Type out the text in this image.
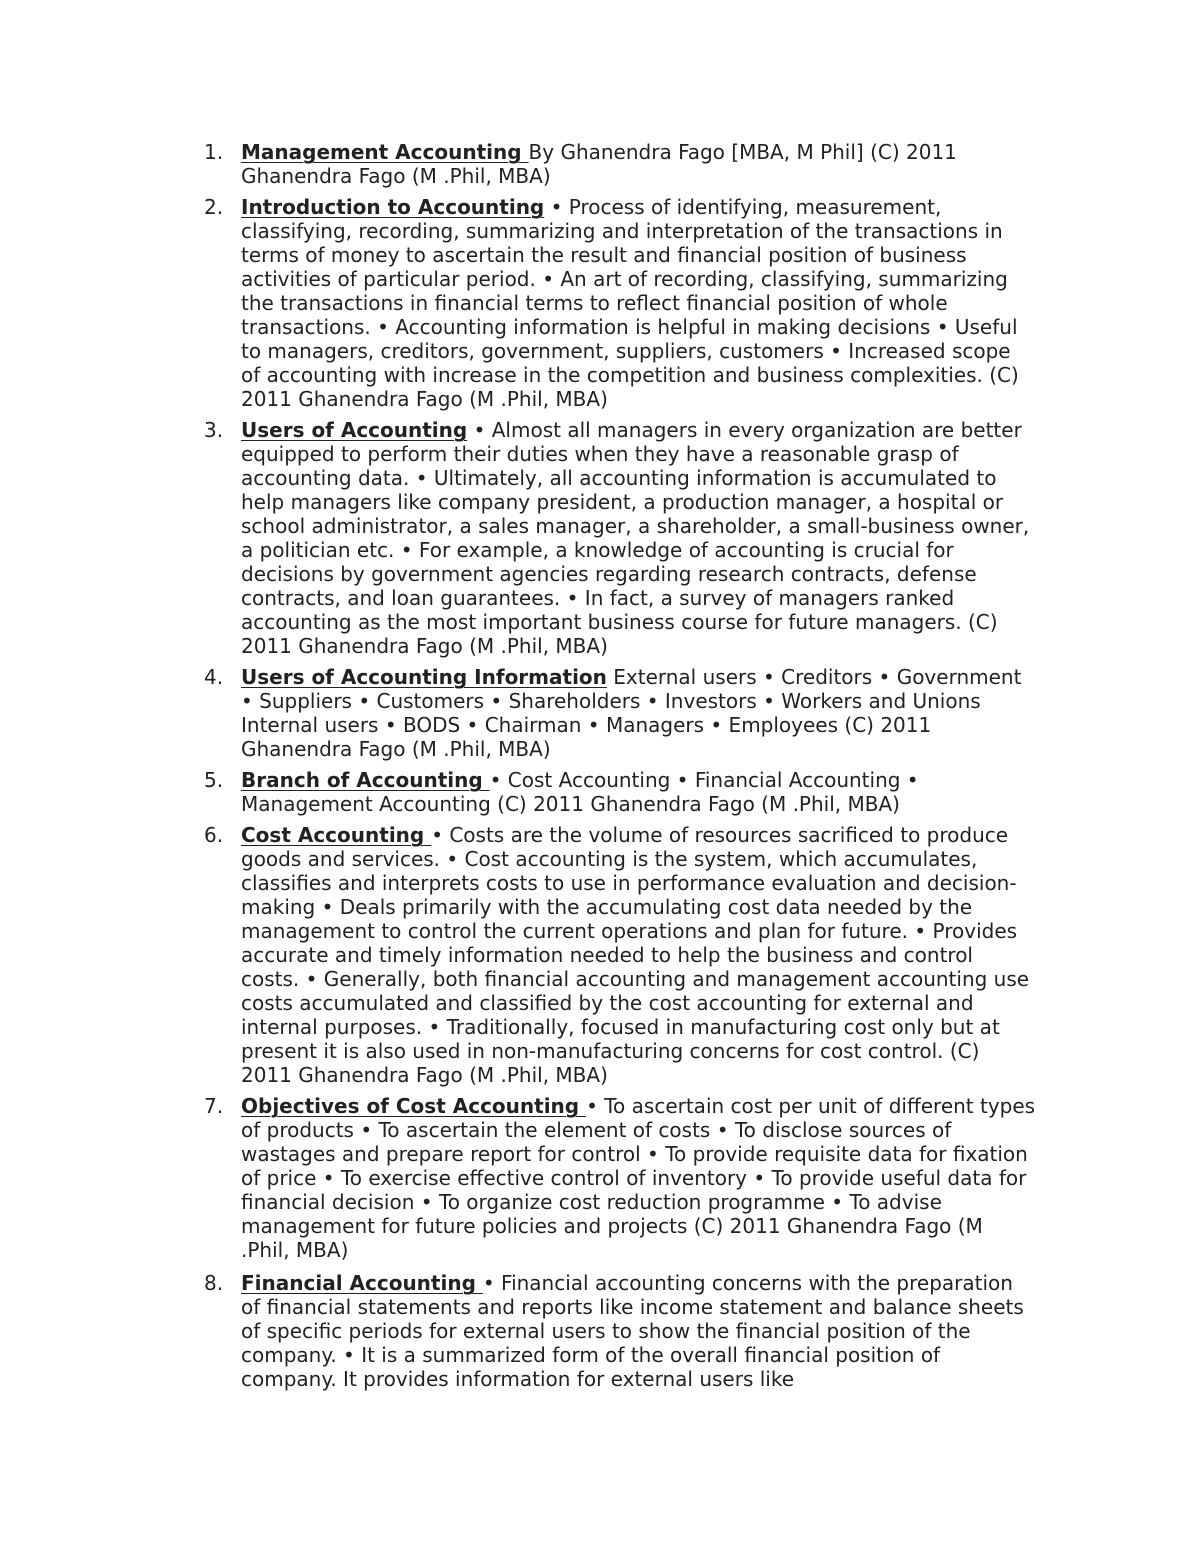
1. Management Accounting By Ghanendra Fago [MBA, M Phil] (C) 2011 Ghanendra Fago (M .Phil, MBA)
2. Introduction to Accounting • Process of identifying, measurement, classifying, recording, summarizing and interpretation of the transactions in terms of money to ascertain the result and financial position of business activities of particular period. • An art of recording, classifying, summarizing the transactions in financial terms to reflect financial position of whole transactions. • Accounting information is helpful in making decisions • Useful to managers, creditors, government, suppliers, customers • Increased scope of accounting with increase in the competition and business complexities. (C) 2011 Ghanendra Fago (M .Phil, MBA)
3. Users of Accounting • Almost all managers in every organization are better equipped to perform their duties when they have a reasonable grasp of accounting data. • Ultimately, all accounting information is accumulated to help managers like company president, a production manager, a hospital or school administrator, a sales manager, a shareholder, a small-business owner, a politician etc. • For example, a knowledge of accounting is crucial for decisions by government agencies regarding research contracts, defense contracts, and loan guarantees. • In fact, a survey of managers ranked accounting as the most important business course for future managers. (C) 2011 Ghanendra Fago (M .Phil, MBA)
4. Users of Accounting Information External users • Creditors • Government • Suppliers • Customers • Shareholders • Investors • Workers and Unions Internal users • BODS • Chairman • Managers • Employees (C) 2011 Ghanendra Fago (M .Phil, MBA)
5. Branch of Accounting • Cost Accounting • Financial Accounting • Management Accounting (C) 2011 Ghanendra Fago (M .Phil, MBA)
6. Cost Accounting • Costs are the volume of resources sacrificed to produce goods and services. • Cost accounting is the system, which accumulates, classifies and interprets costs to use in performance evaluation and decision-making • Deals primarily with the accumulating cost data needed by the management to control the current operations and plan for future. • Provides accurate and timely information needed to help the business and control costs. • Generally, both financial accounting and management accounting use costs accumulated and classified by the cost accounting for external and internal purposes. • Traditionally, focused in manufacturing cost only but at present it is also used in non-manufacturing concerns for cost control. (C) 2011 Ghanendra Fago (M .Phil, MBA)
7. Objectives of Cost Accounting • To ascertain cost per unit of different types of products • To ascertain the element of costs • To disclose sources of wastages and prepare report for control • To provide requisite data for fixation of price • To exercise effective control of inventory • To provide useful data for financial decision • To organize cost reduction programme • To advise management for future policies and projects (C) 2011 Ghanendra Fago (M .Phil, MBA)
8. Financial Accounting • Financial accounting concerns with the preparation of financial statements and reports like income statement and balance sheets of specific periods for external users to show the financial position of the company. • It is a summarized form of the overall financial position of company. It provides information for external users like
